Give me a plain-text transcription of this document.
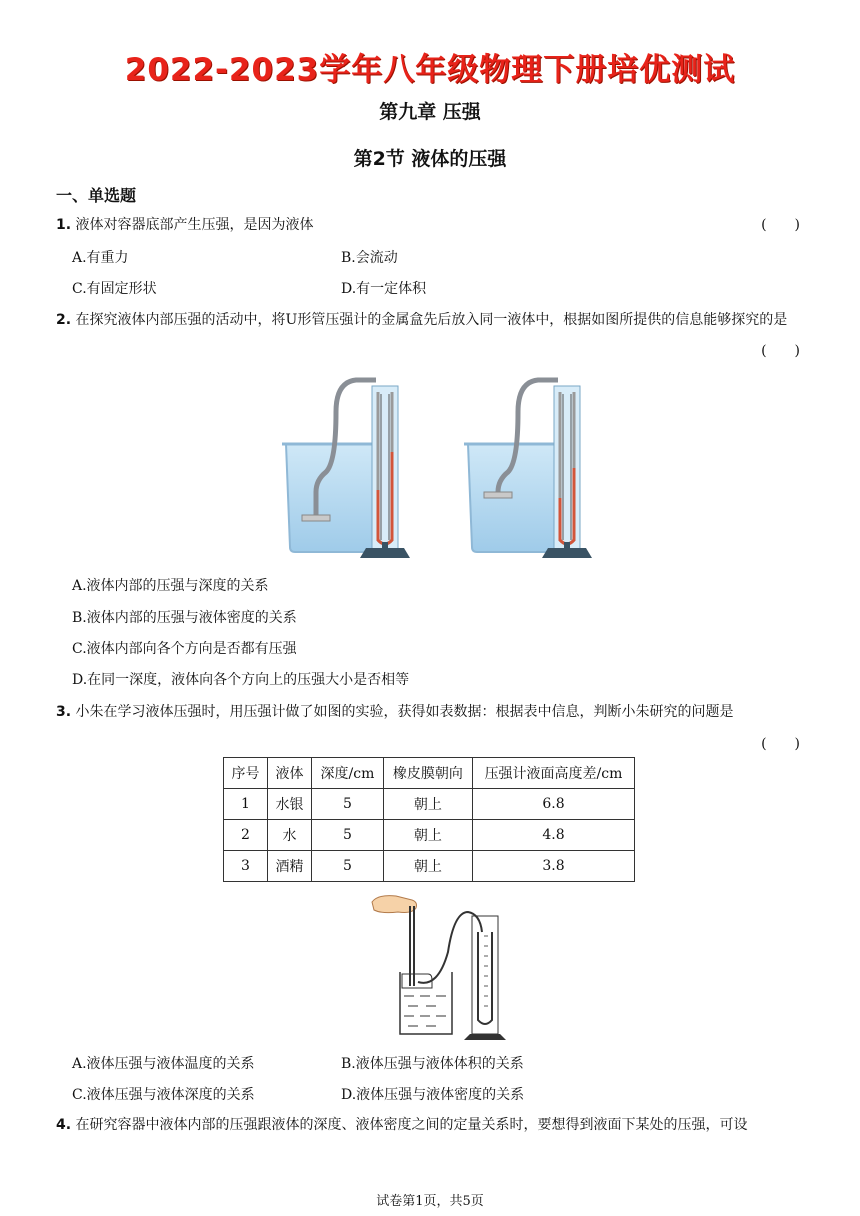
2022-2023学年八年级物理下册培优测试
第九章 压强
第2节 液体的压强
一、单选题
1. 液体对容器底部产生压强，是因为液体	(　　)
A.有重力	B.会流动
C.有固定形状	D.有一定体积
2. 在探究液体内部压强的活动中，将U形管压强计的金属盒先后放入同一液体中，根据如图所提供的信息能够探究的是
(　　)
A.液体内部的压强与深度的关系
B.液体内部的压强与液体密度的关系
C.液体内部向各个方向是否都有压强
D.在同一深度，液体向各个方向上的压强大小是否相等
3. 小朱在学习液体压强时，用压强计做了如图的实验，获得如表数据：根据表中信息，判断小朱研究的问题是
(　　)
序号	液体	深度/cm	橡皮膜朝向	压强计液面高度差/cm
1	水银	5	朝上	6.8
2	水	5	朝上	4.8
3	酒精	5	朝上	3.8
A.液体压强与液体温度的关系	B.液体压强与液体体积的关系
C.液体压强与液体深度的关系	D.液体压强与液体密度的关系
4. 在研究容器中液体内部的压强跟液体的深度、液体密度之间的定量关系时，要想得到液面下某处的压强，可设
试卷第1页，共5页
